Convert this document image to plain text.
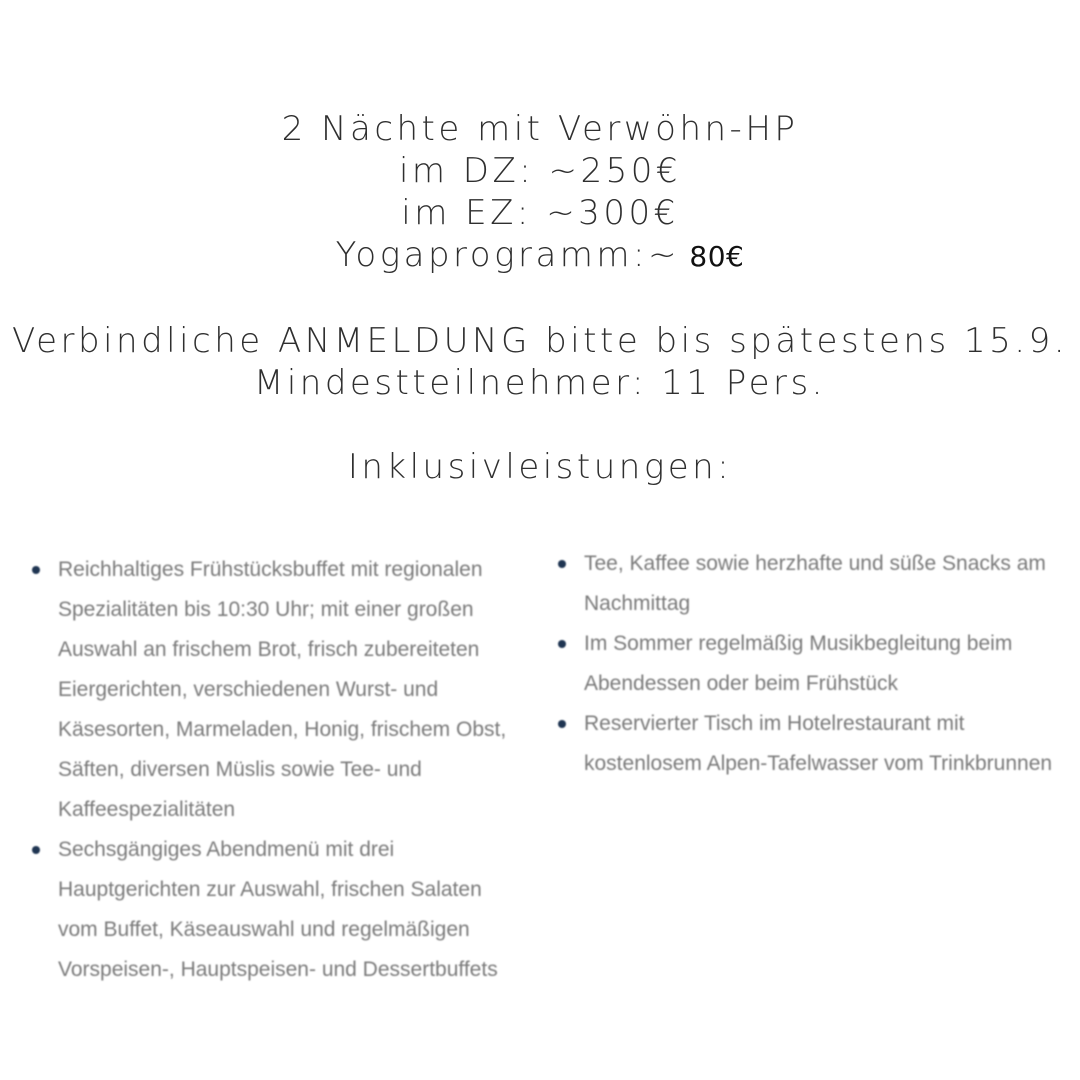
2 Nächte mit Verwöhn-HP
im DZ: ~250€
im EZ: ~300€
Yogaprogramm:~ 80€
Verbindliche ANMELDUNG bitte bis spätestens 15.9.
Mindestteilnehmer: 11 Pers.
Inklusivleistungen:
Reichhaltiges Frühstücksbuffet mit regionalen Spezialitäten bis 10:30 Uhr; mit einer großen Auswahl an frischem Brot, frisch zubereiteten Eiergerichten, verschiedenen Wurst- und Käsesorten, Marmeladen, Honig, frischem Obst, Säften, diversen Müslis sowie Tee- und Kaffeespezialitäten
Sechsgängiges Abendmenü mit drei Hauptgerichten zur Auswahl, frischen Salaten vom Buffet, Käseauswahl und regelmäßigen Vorspeisen-, Hauptspeisen- und Dessertbuffets
Tee, Kaffee sowie herzhafte und süße Snacks am Nachmittag
Im Sommer regelmäßig Musikbegleitung beim Abendessen oder beim Frühstück
Reservierter Tisch im Hotelrestaurant mit kostenlosem Alpen-Tafelwasser vom Trinkbrunnen
